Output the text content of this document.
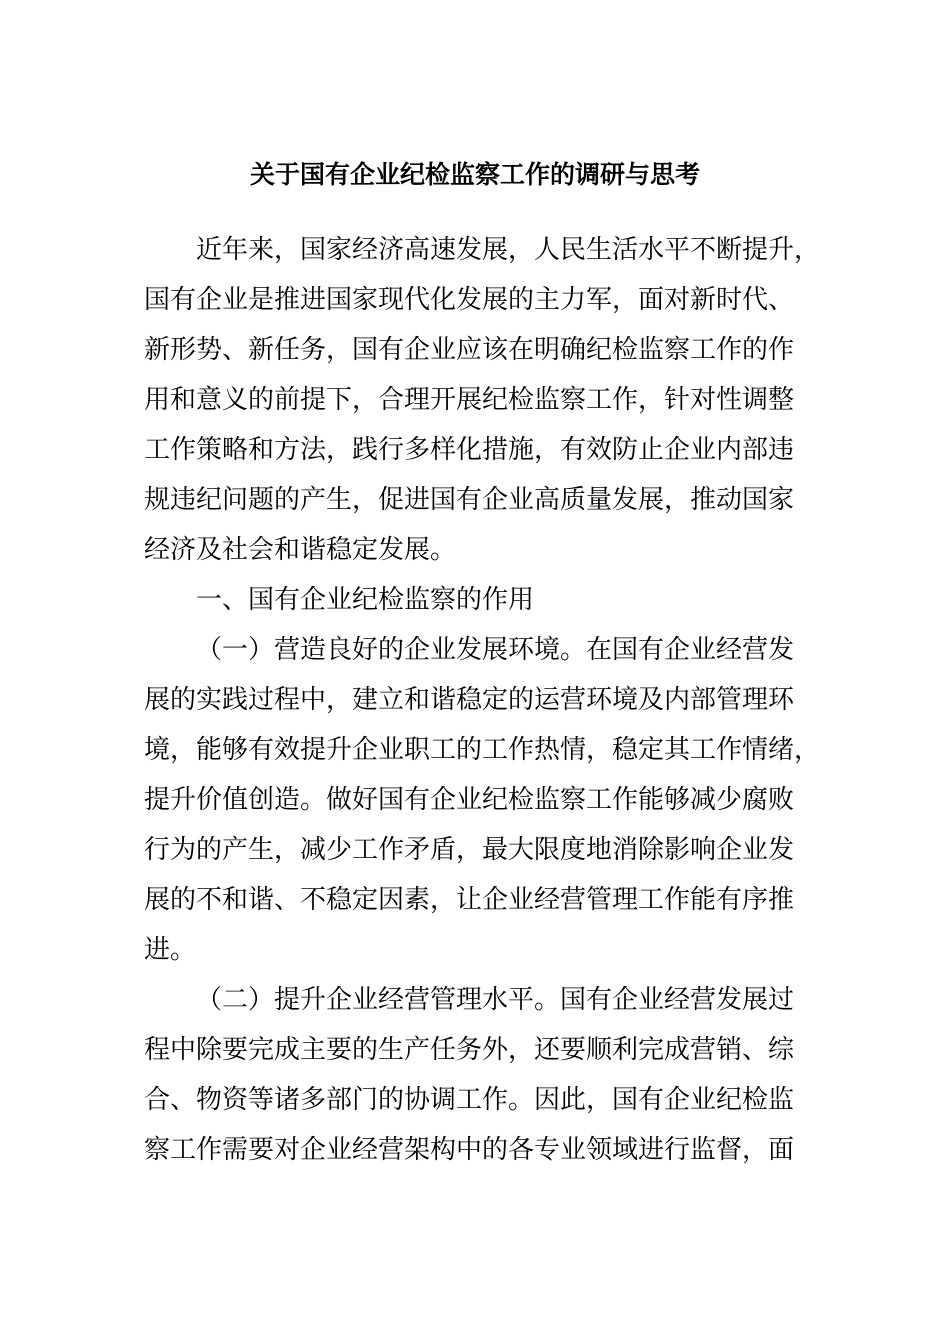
关于国有企业纪检监察工作的调研与思考

近年来，国家经济高速发展，人民生活水平不断提升，

国有企业是推进国家现代化发展的主力军，面对新时代、

新形势、新任务，国有企业应该在明确纪检监察工作的作

用和意义的前提下，合理开展纪检监察工作，针对性调整

工作策略和方法，践行多样化措施，有效防止企业内部违

规违纪问题的产生，促进国有企业高质量发展，推动国家

经济及社会和谐稳定发展。

一、国有企业纪检监察的作用

（一）营造良好的企业发展环境。在国有企业经营发

展的实践过程中，建立和谐稳定的运营环境及内部管理环

境，能够有效提升企业职工的工作热情，稳定其工作情绪，

提升价值创造。做好国有企业纪检监察工作能够减少腐败

行为的产生，减少工作矛盾，最大限度地消除影响企业发

展的不和谐、不稳定因素，让企业经营管理工作能有序推

进。

（二）提升企业经营管理水平。国有企业经营发展过

程中除要完成主要的生产任务外，还要顺利完成营销、综

合、物资等诸多部门的协调工作。因此，国有企业纪检监

察工作需要对企业经营架构中的各专业领域进行监督，面
